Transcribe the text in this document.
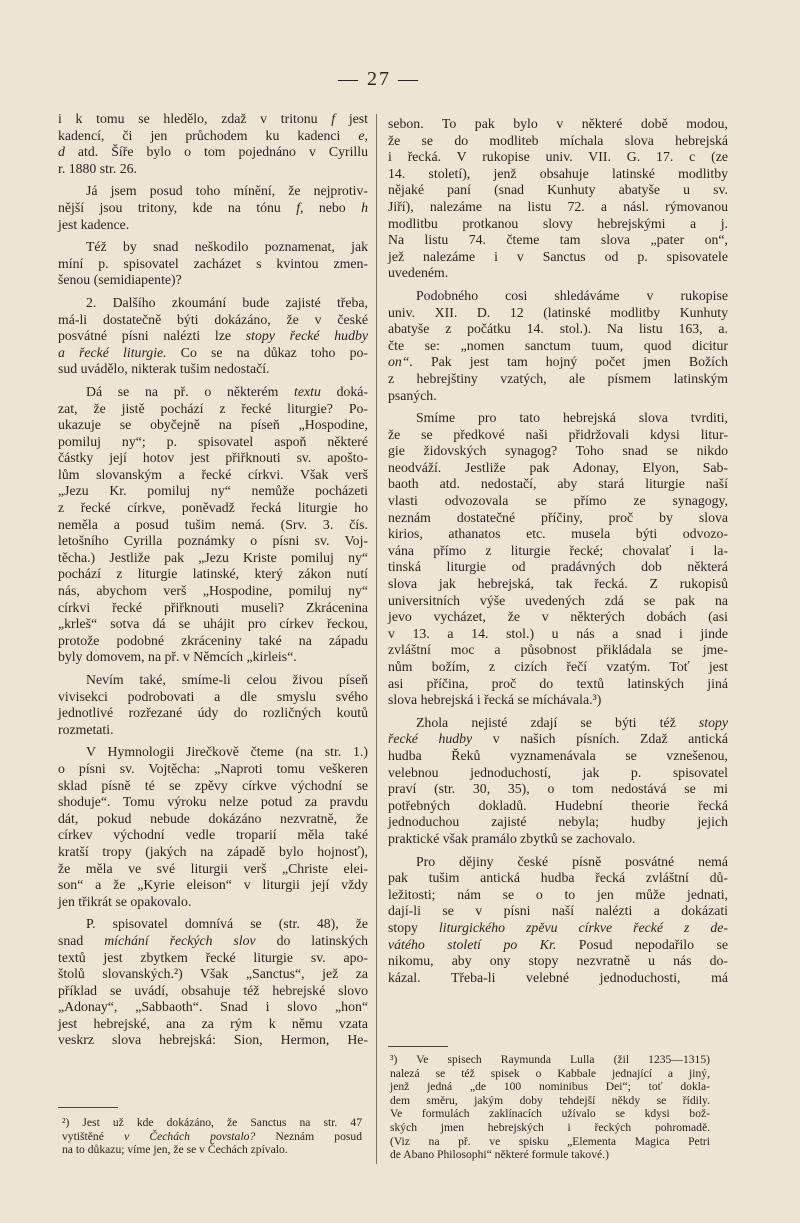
— 27 —
i k tomu se hledělo, zdaž v tritonu f jest
kadencí, či jen průchodem ku kadenci e,
d atd. Šíře bylo o tom pojednáno v Cyrillu
r. 1880 str. 26.
Já jsem posud toho mínění, že nejprotiv-
nější jsou tritony, kde na tónu f, nebo h
jest kadence.
Též by snad neškodilo poznamenat, jak
míní p. spisovatel zacházet s kvintou zmen-
šenou (semidiapente)?
2. Dalšího zkoumání bude zajisté třeba,
má-li dostatečně býti dokázáno, že v české
posvátné písni nalézti lze stopy řecké hudby
a řecké liturgie. Co se na důkaz toho po-
sud uvádělo, nikterak tušim nedostačí.
Dá se na př. o některém textu doká-
zat, že jistě pochází z řecké liturgie? Po-
ukazuje se obyčejně na píseň „Hospodine,
pomiluj ny“; p. spisovatel aspoň některé
částky její hotov jest přiřknouti sv. apošto-
lům slovanským a řecké církvi. Však verš
„Jezu Kr. pomiluj ny“ nemůže pocházeti
z řecké církve, poněvadž řecká liturgie ho
neměla a posud tušim nemá. (Srv. 3. čís.
letošního Cyrilla poznámky o písni sv. Voj-
těcha.) Jestliže pak „Jezu Kriste pomiluj ny“
pochází z liturgie latinské, který zákon nutí
nás, abychom verš „Hospodine, pomiluj ny“
církvi řecké přiřknouti museli? Zkrácenina
„krleš“ sotva dá se uhájit pro církev řeckou,
protože podobné zkráceniny také na západu
byly domovem, na př. v Němcích „kirleis“.
Nevím také, smíme-li celou živou píseň
vivisekci podrobovati a dle smyslu svého
jednotlivé rozřezané údy do rozličných koutů
rozmetati.
V Hymnologii Jirečkově čteme (na str. 1.)
o písni sv. Vojtěcha: „Naproti tomu veškeren
sklad písně té se zpěvy církve východní se
shoduje“. Tomu výroku nelze potud za pravdu
dát, pokud nebude dokázáno nezvratně, že
církev východní vedle troparií měla také
kratší tropy (jakých na západě bylo hojnosť),
že měla ve své liturgii verš „Christe elei-
son“ a že „Kyrie eleison“ v liturgii její vždy
jen třikrát se opakovalo.
P. spisovatel domnívá se (str. 48), že
snad míchání řeckých slov do latinských
textů jest zbytkem řecké liturgie sv. apo-
štolů slovanských.²) Však „Sanctus“, jež za
příklad se uvádí, obsahuje též hebrejské slovo
„Adonay“, „Sabbaoth“. Snad i slovo „hon“
jest hebrejské, ana za rým k němu vzata
veskrz slova hebrejská: Sion, Hermon, He-
sebon. To pak bylo v některé době modou,
že se do modliteb míchala slova hebrejská
i řecká. V rukopise univ. VII. G. 17. c (ze
14. století), jenž obsahuje latinské modlitby
nějaké paní (snad Kunhuty abatyše u sv.
Jiří), nalezáme na listu 72. a násl. rýmovanou
modlitbu protkanou slovy hebrejskými a j.
Na listu 74. čteme tam slova „pater on“,
jež nalezáme i v Sanctus od p. spisovatele
uvedeném.
Podobného cosi shledáváme v rukopise
univ. XII. D. 12 (latinské modlitby Kunhuty
abatyše z počátku 14. stol.). Na listu 163, a.
čte se: „nomen sanctum tuum, quod dicitur
on“. Pak jest tam hojný počet jmen Božích
z hebrejštiny vzatých, ale písmem latinským
psaných.
Smíme pro tato hebrejská slova tvrditi,
že se předkové naši přidržovali kdysi litur-
gie židovských synagog? Toho snad se nikdo
neodváží. Jestliže pak Adonay, Elyon, Sab-
baoth atd. nedostačí, aby stará liturgie naší
vlasti odvozovala se přímo ze synagogy,
neznám dostatečné příčiny, proč by slova
kirios, athanatos etc. musela býti odvozo-
vána přímo z liturgie řecké; chovalať i la-
tinská liturgie od pradávných dob některá
slova jak hebrejská, tak řecká. Z rukopisů
universitních výše uvedených zdá se pak na
jevo vycházet, že v některých dobách (asi
v 13. a 14. stol.) u nás a snad i jinde
zvláštní moc a působnost přikládala se jme-
nům božím, z cizích řečí vzatým. Toť jest
asi příčina, proč do textů latinských jiná
slova hebrejská i řecká se míchávala.³)
Zhola nejisté zdají se býti též stopy
řecké hudby v našich písních. Zdaž antická
hudba Řeků vyznamenávala se vznešenou,
velebnou jednoduchostí, jak p. spisovatel
praví (str. 30, 35), o tom nedostává se mi
potřebných dokladů. Hudební theorie řecká
jednoduchou zajisté nebyla; hudby jejich
praktické však pramálo zbytků se zachovalo.
Pro dějiny české písně posvátné nemá
pak tušim antická hudba řecká zvláštní dů-
ležitosti; nám se o to jen může jednati,
dají-li se v písni naší nalézti a dokázati
stopy liturgického zpěvu církve řecké z de-
vátého století po Kr. Posud nepodařilo se
nikomu, aby ony stopy nezvratně u nás do-
kázal. Třeba-li velebné jednoduchosti, má
²) Jest už kde dokázáno, že Sanctus na str. 47
vytištěné v Čechách povstalo? Neznám posud
na to důkazu; víme jen, že se v Čechách zpívalo.
³) Ve spisech Raymunda Lulla (žil 1235—1315)
nalezá se též spisek o Kabbale jednající a jiný,
jenž jedná „de 100 nominibus Dei“; toť dokla-
dem směru, jakým doby tehdejší někdy se řídily.
Ve formulách zaklínacích užívalo se kdysi bož-
ských jmen hebrejských i řeckých pohromadě.
(Viz na př. ve spisku „Elementa Magica Petri
de Abano Philosophi“ některé formule takové.)
